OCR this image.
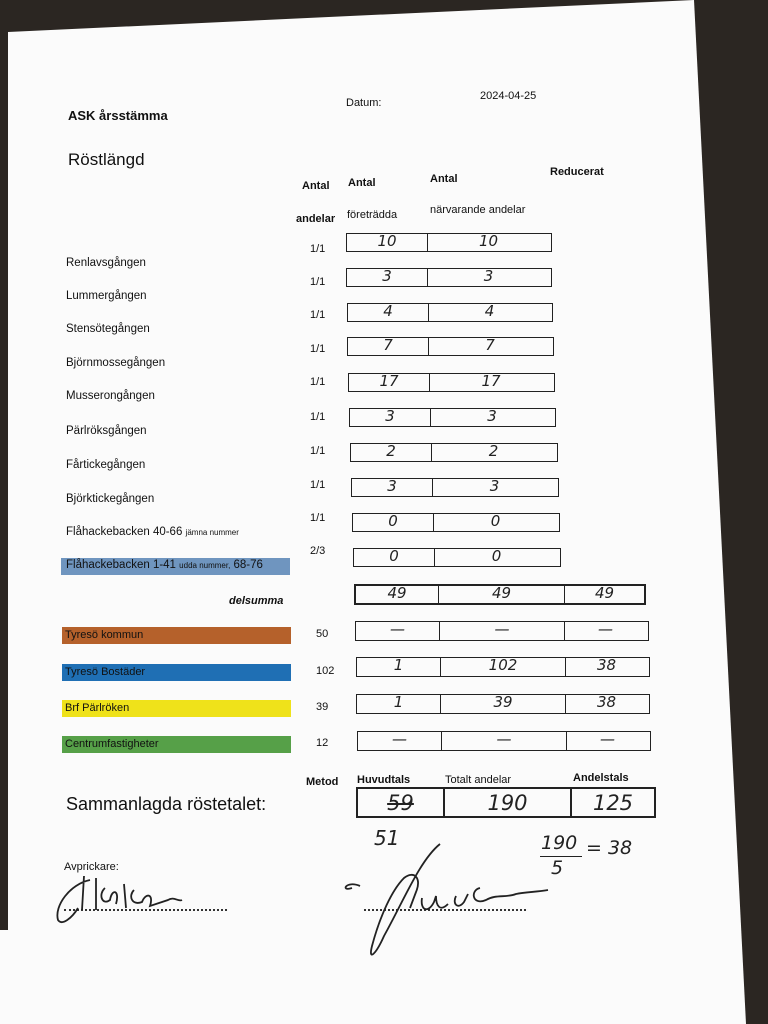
ASK årsstämma
Datum:
2024-04-25
Röstlängd
Antal
andelar
Antal
företrädda
Antal
närvarande andelar
Reducerat
Renlavsgången
1/1	10	10
Lummergången
1/1	3	3
Stensötegången
1/1	4	4
Björnmossegången
1/1	7	7
Musserongången
1/1	17	17
Pärlröksgången
1/1	3	3
Fårtickegången
1/1	2	2
Björktickegången
1/1	3	3
Flåhackebacken 40-66 jämna nummer
1/1	0	0
Flåhackebacken 1-41 udda nummer, 68-76
2/3	0	0
delsumma	49	49	49
Tyresö kommun	50	—	—	—
Tyresö Bostäder	102	1	102	38
Brf Pärlröken	39	1	39	38
Centrumfastigheter	12	—	—	—
Metod Huvudtals	Totalt andelar	Andelstals
Sammanlagda röstetalet:	59	190	125
51	190
5
= 38
Avprickare:
